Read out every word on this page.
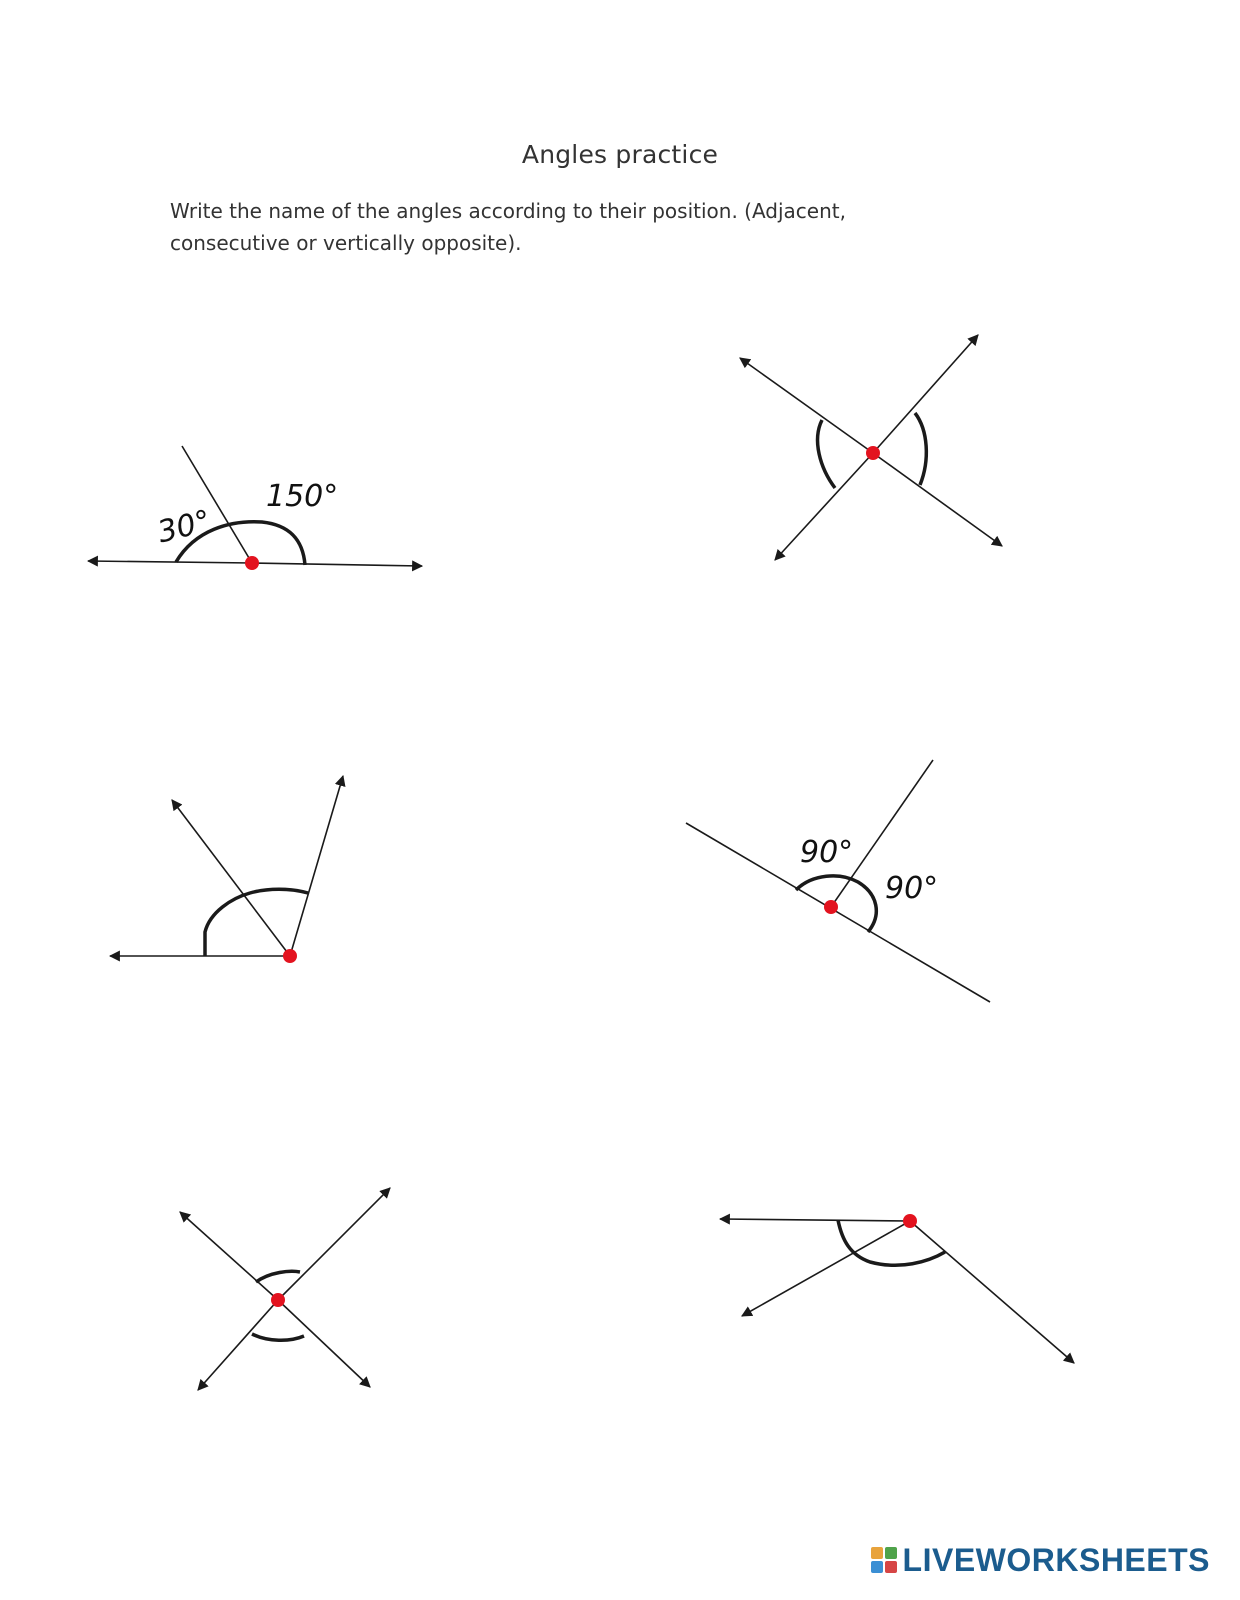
Angles practice
Write the name of the angles according to their position. (Adjacent,
consecutive or vertically opposite).
30°
150°
90°
90°
LIVEWORKSHEETS
